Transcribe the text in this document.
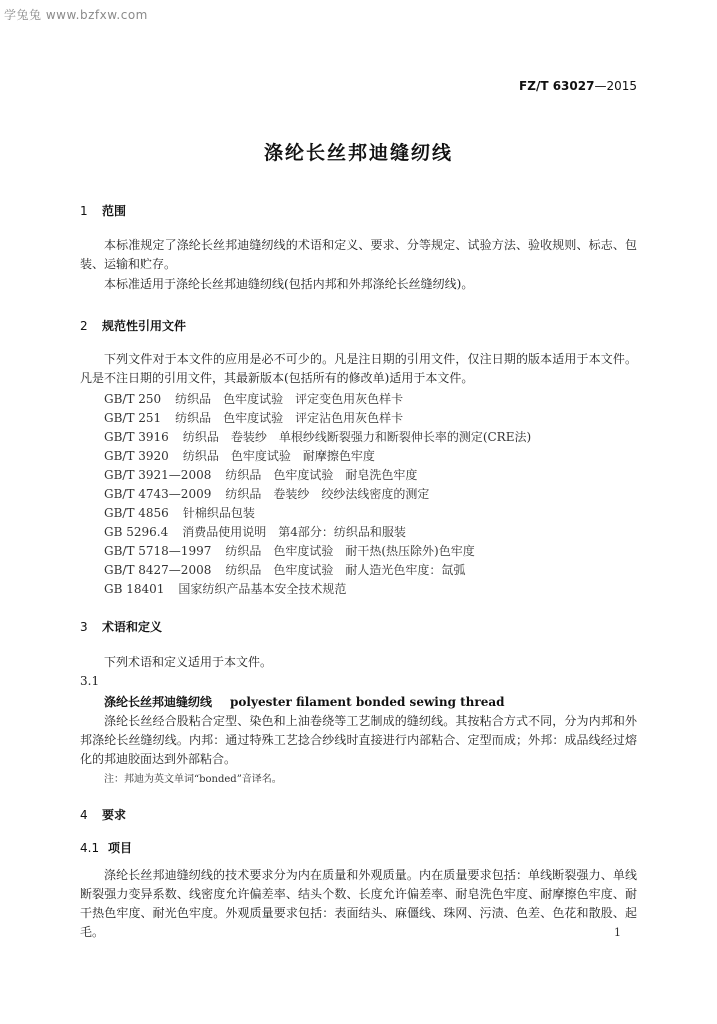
学兔兔 www.bzfxw.com
FZ/T 63027—2015
涤纶长丝邦迪缝纫线
1 范围
本标准规定了涤纶长丝邦迪缝纫线的术语和定义、要求、分等规定、试验方法、验收规则、标志、包装、运输和贮存。
本标准适用于涤纶长丝邦迪缝纫线(包括内邦和外邦涤纶长丝缝纫线)。
2 规范性引用文件
下列文件对于本文件的应用是必不可少的。凡是注日期的引用文件，仅注日期的版本适用于本文件。凡是不注日期的引用文件，其最新版本(包括所有的修改单)适用于本文件。
GB/T 250 纺织品　色牢度试验　评定变色用灰色样卡
GB/T 251 纺织品　色牢度试验　评定沾色用灰色样卡
GB/T 3916 纺织品　卷装纱　单根纱线断裂强力和断裂伸长率的测定(CRE法)
GB/T 3920 纺织品　色牢度试验　耐摩擦色牢度
GB/T 3921—2008 纺织品　色牢度试验　耐皂洗色牢度
GB/T 4743—2009 纺织品　卷装纱　绞纱法线密度的测定
GB/T 4856 针棉织品包装
GB 5296.4 消费品使用说明　第4部分：纺织品和服装
GB/T 5718—1997 纺织品　色牢度试验　耐干热(热压除外)色牢度
GB/T 8427—2008 纺织品　色牢度试验　耐人造光色牢度：氙弧
GB 18401 国家纺织产品基本安全技术规范
3 术语和定义
下列术语和定义适用于本文件。
3.1
涤纶长丝邦迪缝纫线 polyester filament bonded sewing thread
涤纶长丝经合股粘合定型、染色和上油卷绕等工艺制成的缝纫线。其按粘合方式不同，分为内邦和外邦涤纶长丝缝纫线。内邦：通过特殊工艺捻合纱线时直接进行内部粘合、定型而成；外邦：成品线经过熔化的邦迪胶面达到外部粘合。
注：邦迪为英文单词“bonded”音译名。
4 要求
4.1 项目
涤纶长丝邦迪缝纫线的技术要求分为内在质量和外观质量。内在质量要求包括：单线断裂强力、单线断裂强力变异系数、线密度允许偏差率、结头个数、长度允许偏差率、耐皂洗色牢度、耐摩擦色牢度、耐干热色牢度、耐光色牢度。外观质量要求包括：表面结头、麻僵线、珠网、污渍、色差、色花和散股、起毛。	1
